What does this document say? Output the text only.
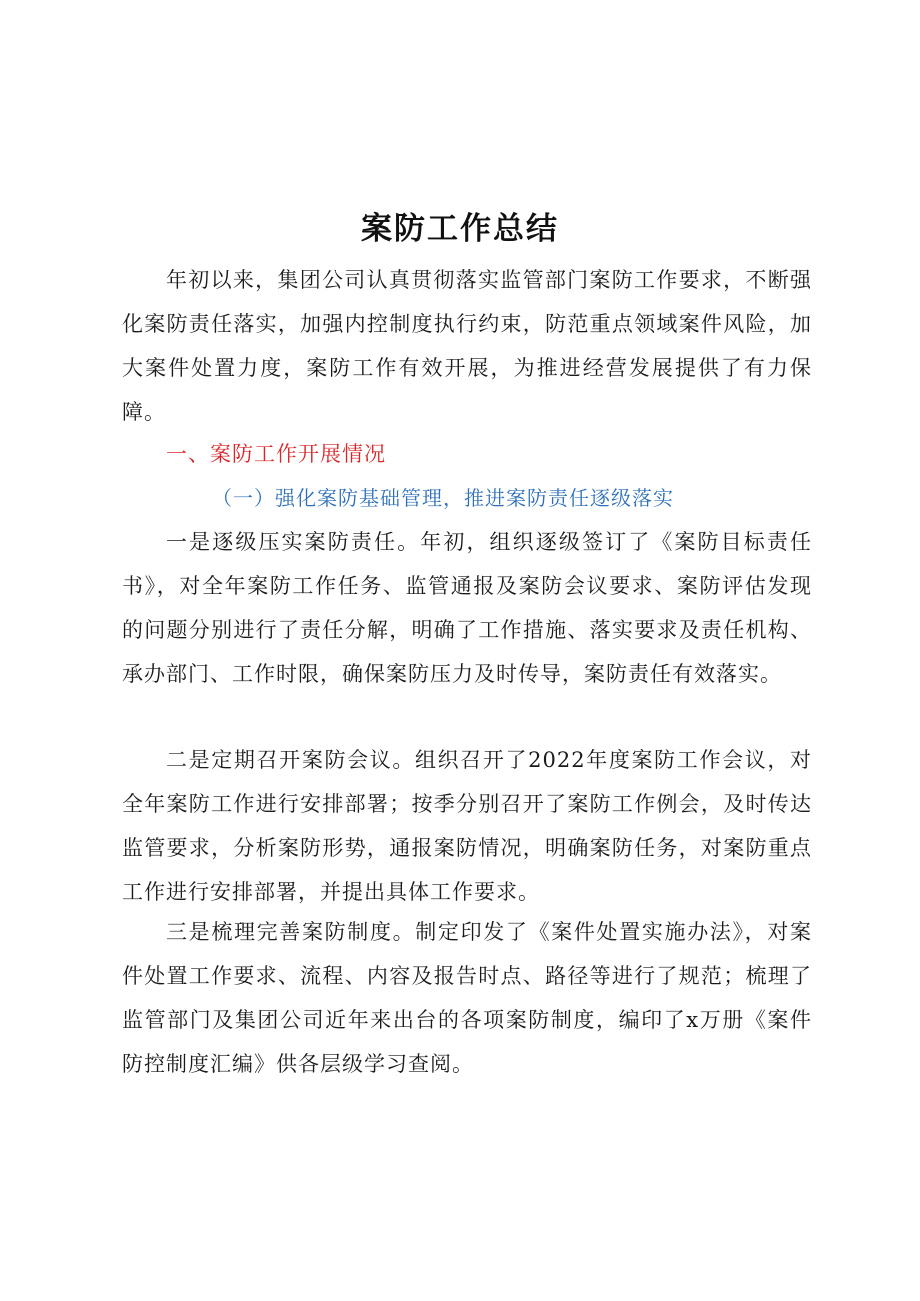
案防工作总结

年初以来，集团公司认真贯彻落实监管部门案防工作要求，不断强化案防责任落实，加强内控制度执行约束，防范重点领域案件风险，加大案件处置力度，案防工作有效开展，为推进经营发展提供了有力保障。

一、案防工作开展情况

（一）强化案防基础管理，推进案防责任逐级落实

一是逐级压实案防责任。年初，组织逐级签订了《案防目标责任书》，对全年案防工作任务、监管通报及案防会议要求、案防评估发现的问题分别进行了责任分解，明确了工作措施、落实要求及责任机构、承办部门、工作时限，确保案防压力及时传导，案防责任有效落实。

二是定期召开案防会议。组织召开了2022年度案防工作会议，对全年案防工作进行安排部署；按季分别召开了案防工作例会，及时传达监管要求，分析案防形势，通报案防情况，明确案防任务，对案防重点工作进行安排部署，并提出具体工作要求。

三是梳理完善案防制度。制定印发了《案件处置实施办法》，对案件处置工作要求、流程、内容及报告时点、路径等进行了规范；梳理了监管部门及集团公司近年来出台的各项案防制度，编印了x万册《案件防控制度汇编》供各层级学习查阅。
